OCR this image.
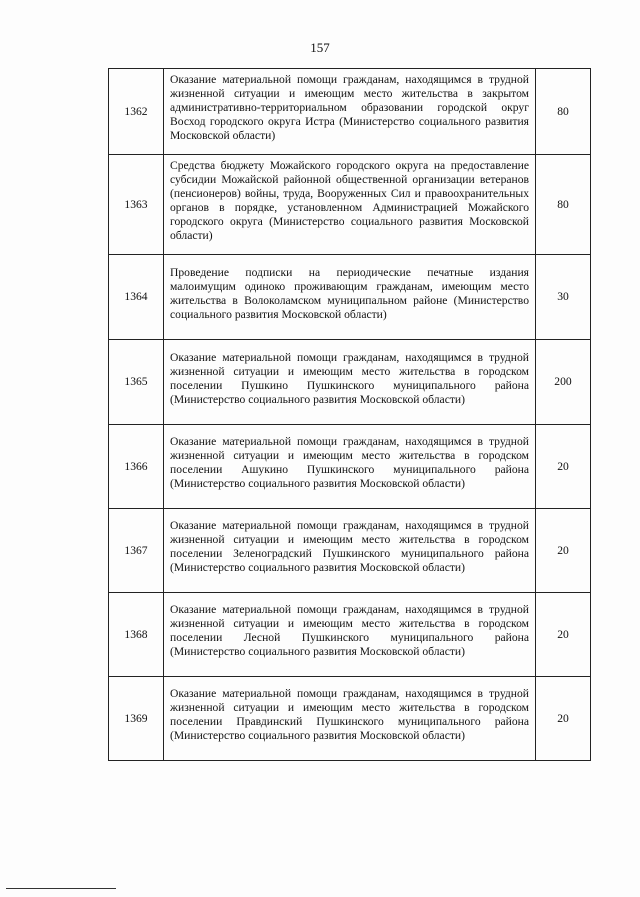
157
1362	Оказание материальной помощи гражданам, находящимся в трудной жизненной ситуации и имеющим место жительства в закрытом административно-территориальном образовании городской округ Восход городского округа Истра (Министерство социального развития Московской области)	80
1363	Средства бюджету Можайского городского округа на предоставление субсидии Можайской районной общественной организации ветеранов (пенсионеров) войны, труда, Вооруженных Сил и правоохранительных органов в порядке, установленном Администрацией Можайского городского округа (Министерство социального развития Московской области)	80
1364	Проведение подписки на периодические печатные издания малоимущим одиноко проживающим гражданам, имеющим место жительства в Волоколамском муниципальном районе (Министерство социального развития Московской области)	30
1365	Оказание материальной помощи гражданам, находящимся в трудной жизненной ситуации и имеющим место жительства в городском поселении Пушкино Пушкинского муниципального района (Министерство социального развития Московской области)	200
1366	Оказание материальной помощи гражданам, находящимся в трудной жизненной ситуации и имеющим место жительства в городском поселении Ашукино Пушкинского муниципального района (Министерство социального развития Московской области)	20
1367	Оказание материальной помощи гражданам, находящимся в трудной жизненной ситуации и имеющим место жительства в городском поселении Зеленоградский Пушкинского муниципального района (Министерство социального развития Московской области)	20
1368	Оказание материальной помощи гражданам, находящимся в трудной жизненной ситуации и имеющим место жительства в городском поселении Лесной Пушкинского муниципального района (Министерство социального развития Московской области)	20
1369	Оказание материальной помощи гражданам, находящимся в трудной жизненной ситуации и имеющим место жительства в городском поселении Правдинский Пушкинского муниципального района (Министерство социального развития Московской области)	20
